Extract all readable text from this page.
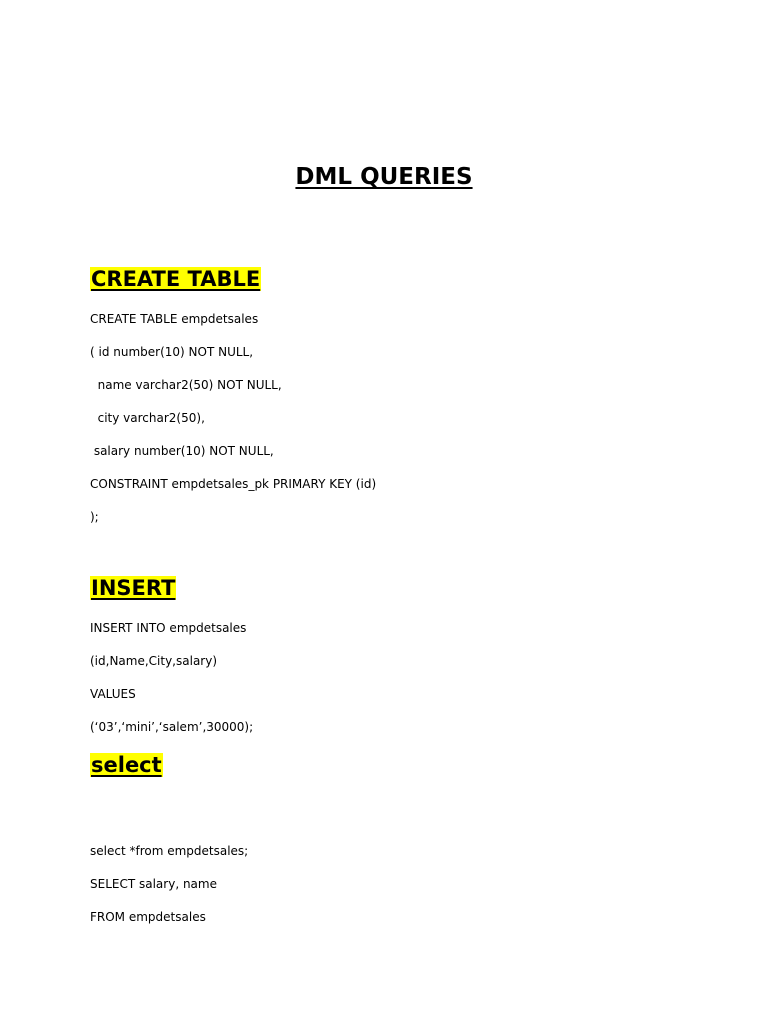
DML QUERIES
CREATE TABLE
CREATE TABLE empdetsales
( id number(10) NOT NULL,
name varchar2(50) NOT NULL,
city varchar2(50),
salary number(10) NOT NULL,
CONSTRAINT empdetsales_pk PRIMARY KEY (id)
);
INSERT
INSERT INTO empdetsales
(id,Name,City,salary)
VALUES
(‘03’,‘mini’,‘salem’,30000);
select
select *from empdetsales;
SELECT salary, name
FROM empdetsales
